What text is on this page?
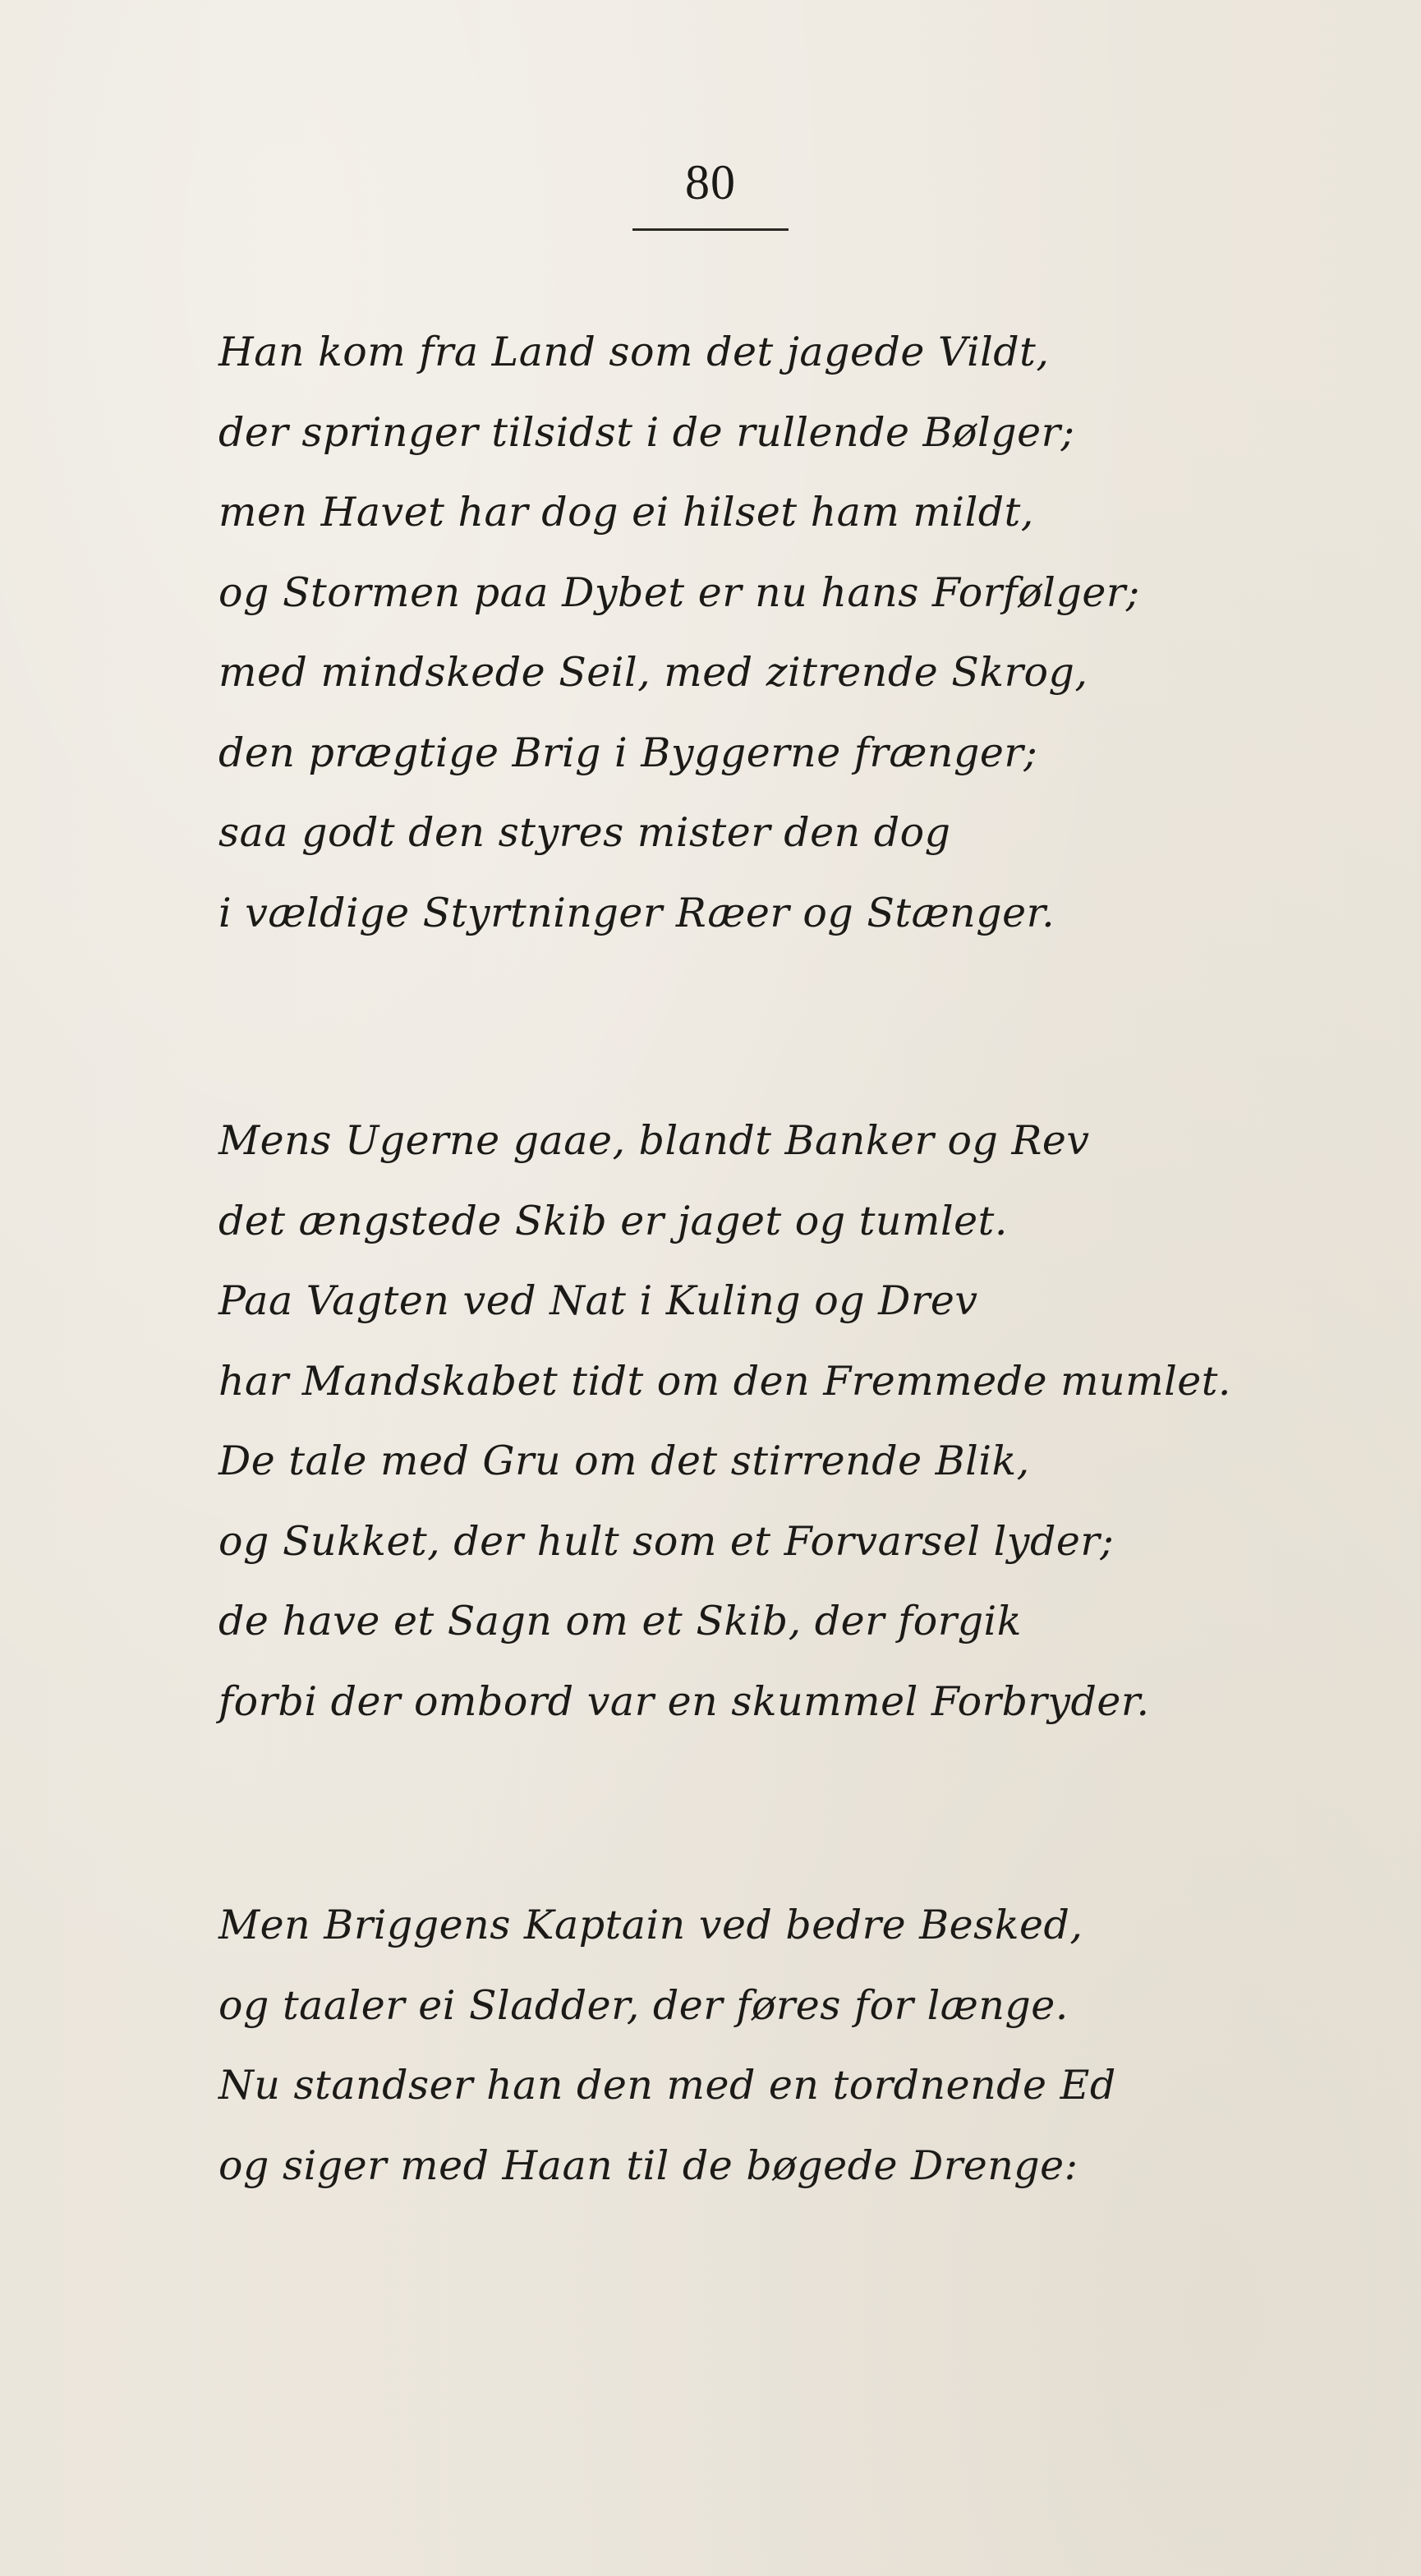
80
Han kom fra Land som det jagede Vildt,
der springer tilsidst i de rullende Bølger;
men Havet har dog ei hilset ham mildt,
og Stormen paa Dybet er nu hans Forfølger;
med mindskede Seil, med zitrende Skrog,
den prægtige Brig i Byggerne frænger;
saa godt den styres mister den dog
i vældige Styrtninger Ræer og Stænger.
Mens Ugerne gaae, blandt Banker og Rev
det ængstede Skib er jaget og tumlet.
Paa Vagten ved Nat i Kuling og Drev
har Mandskabet tidt om den Fremmede mumlet.
De tale med Gru om det stirrende Blik,
og Sukket, der hult som et Forvarsel lyder;
de have et Sagn om et Skib, der forgik
forbi der ombord var en skummel Forbryder.
Men Briggens Kaptain ved bedre Besked,
og taaler ei Sladder, der føres for længe.
Nu standser han den med en tordnende Ed
og siger med Haan til de bøgede Drenge:
